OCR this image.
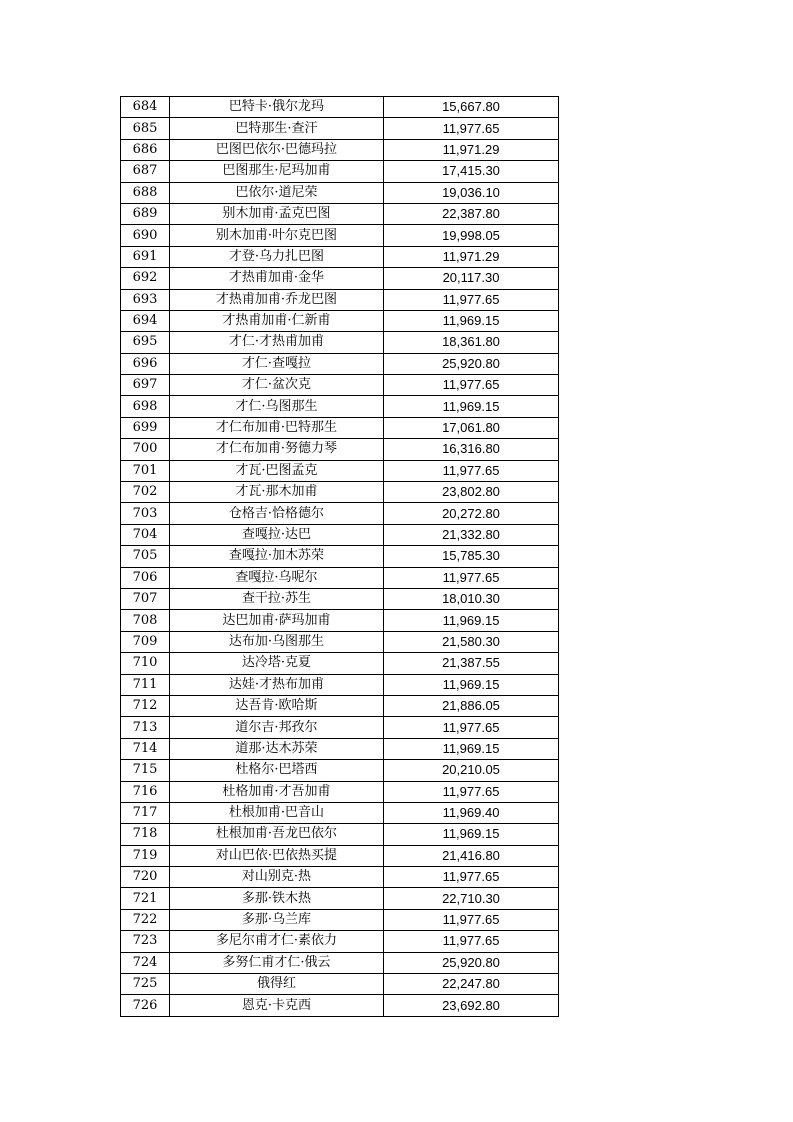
684	巴特卡·俄尔龙玛	15,667.80
685	巴特那生·查汗	11,977.65
686	巴图巴依尔·巴德玛拉	11,971.29
687	巴图那生·尼玛加甫	17,415.30
688	巴依尔·道尼荣	19,036.10
689	别木加甫·孟克巴图	22,387.80
690	别木加甫·叶尔克巴图	19,998.05
691	才登·乌力扎巴图	11,971.29
692	才热甫加甫·金华	20,117.30
693	才热甫加甫·乔龙巴图	11,977.65
694	才热甫加甫·仁新甫	11,969.15
695	才仁·才热甫加甫	18,361.80
696	才仁·查嘎拉	25,920.80
697	才仁·盆次克	11,977.65
698	才仁·乌图那生	11,969.15
699	才仁布加甫·巴特那生	17,061.80
700	才仁布加甫·努德力琴	16,316.80
701	才瓦·巴图孟克	11,977.65
702	才瓦·那木加甫	23,802.80
703	仓格吉·恰格德尔	20,272.80
704	查嘎拉·达巴	21,332.80
705	查嘎拉·加木苏荣	15,785.30
706	查嘎拉·乌呢尔	11,977.65
707	查干拉·苏生	18,010.30
708	达巴加甫·萨玛加甫	11,969.15
709	达布加·乌图那生	21,580.30
710	达冷塔·克夏	21,387.55
711	达娃·才热布加甫	11,969.15
712	达吾肯·欧哈斯	21,886.05
713	道尔吉·邦孜尔	11,977.65
714	道那·达木苏荣	11,969.15
715	杜格尔·巴塔西	20,210.05
716	杜格加甫·才吾加甫	11,977.65
717	杜根加甫·巴音山	11,969.40
718	杜根加甫·吾龙巴依尔	11,969.15
719	对山巴依·巴依热买提	21,416.80
720	对山别克·热	11,977.65
721	多那·铁木热	22,710.30
722	多那·乌兰库	11,977.65
723	多尼尔甫才仁·素依力	11,977.65
724	多努仁甫才仁·俄云	25,920.80
725	俄得红	22,247.80
726	恩克·卡克西	23,692.80
